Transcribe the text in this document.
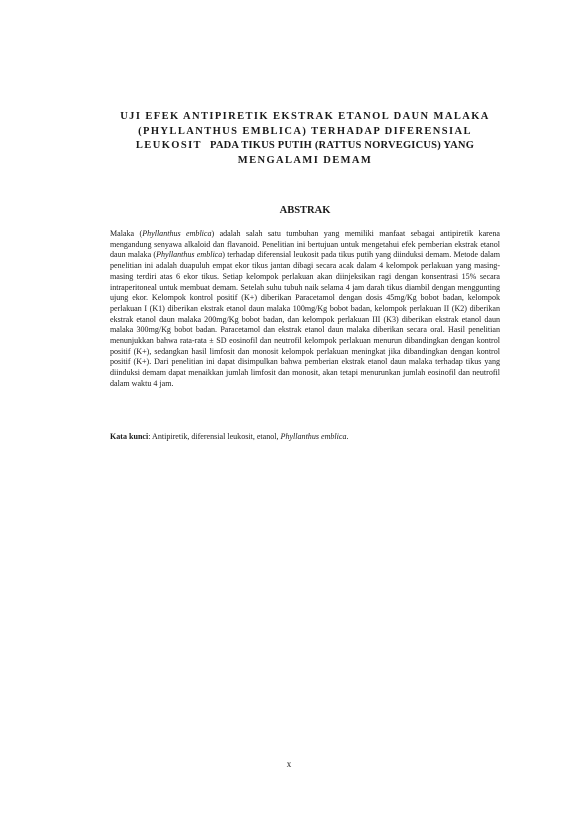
UJI EFEK ANTIPIRETIK EKSTRAK ETANOL DAUN MALAKA
(PHYLLANTHUS EMBLICA) TERHADAP DIFERENSIAL
LEUKOSIT PADA TIKUS PUTIH (RATTUS NORVEGICUS) YANG
MENGALAMI DEMAM
ABSTRAK

Malaka (Phyllanthus emblica) adalah salah satu tumbuhan yang memiliki manfaat sebagai antipiretik karena mengandung senyawa alkaloid dan flavanoid. Penelitian ini bertujuan untuk mengetahui efek pemberian ekstrak etanol daun malaka (Phyllanthus emblica) terhadap diferensial leukosit pada tikus putih yang diinduksi demam. Metode dalam penelitian ini adalah duapuluh empat ekor tikus jantan dibagi secara acak dalam 4 kelompok perlakuan yang masing-masing terdiri atas 6 ekor tikus. Setiap kelompok perlakuan akan diinjeksikan ragi dengan konsentrasi 15% secara intraperitoneal untuk membuat demam. Setelah suhu tubuh naik selama 4 jam darah tikus diambil dengan menggunting ujung ekor. Kelompok kontrol positif (K+) diberikan Paracetamol dengan dosis 45mg/Kg bobot badan, kelompok perlakuan I (K1) diberikan ekstrak etanol daun malaka 100mg/Kg bobot badan, kelompok perlakuan II (K2) diberikan ekstrak etanol daun malaka 200mg/Kg bobot badan, dan kelompok perlakuan III (K3) diberikan ekstrak etanol daun malaka 300mg/Kg bobot badan. Paracetamol dan ekstrak etanol daun malaka diberikan secara oral. Hasil penelitian menunjukkan bahwa rata-rata ± SD eosinofil dan neutrofil kelompok perlakuan menurun dibandingkan dengan kontrol positif (K+), sedangkan hasil limfosit dan monosit kelompok perlakuan meningkat jika dibandingkan dengan kontrol positif (K+). Dari penelitian ini dapat disimpulkan bahwa pemberian ekstrak etanol daun malaka terhadap tikus yang diinduksi demam dapat menaikkan jumlah limfosit dan monosit, akan tetapi menurunkan jumlah eosinofil dan neutrofil dalam waktu 4 jam.

Kata kunci: Antipiretik, diferensial leukosit, etanol, Phyllanthus emblica.

x
